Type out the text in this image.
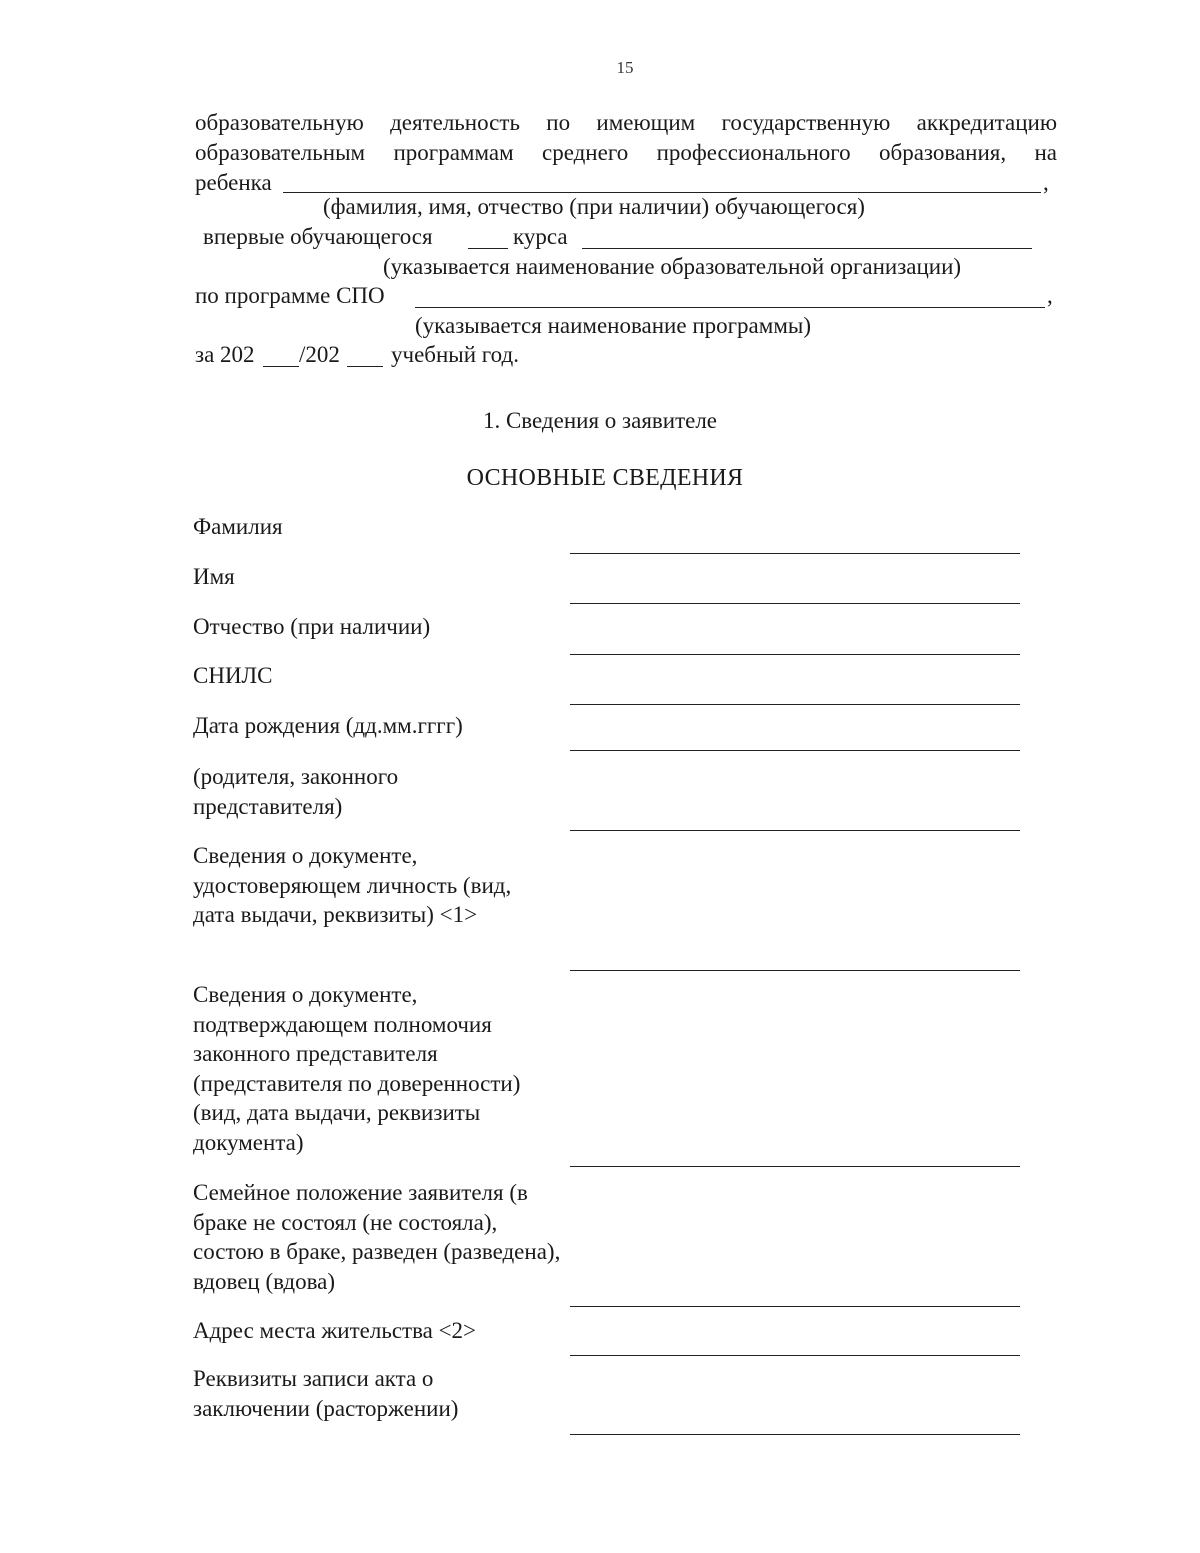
15
образовательную деятельность по имеющим государственную аккредитацию
образовательным программам среднего профессионального образования, на
ребенка	,
(фамилия, имя, отчество (при наличии) обучающегося)
впервые обучающегося	курса
(указывается наименование образовательной организации)
по программе СПО	,
(указывается наименование программы)
за 202 /202 учебный год.
1. Сведения о заявителе
ОСНОВНЫЕ СВЕДЕНИЯ
Фамилия
Имя
Отчество (при наличии)
СНИЛС
Дата рождения (дд.мм.гггг)
(родителя, законного представителя)
Сведения о документе, удостоверяющем личность (вид, дата выдачи, реквизиты) <1>
Сведения о документе, подтверждающем полномочия законного представителя (представителя по доверенности) (вид, дата выдачи, реквизиты документа)
Семейное положение заявителя (в браке не состоял (не состояла), состою в браке, разведен (разведена), вдовец (вдова)
Адрес места жительства <2>
Реквизиты записи акта о заключении (расторжении)
